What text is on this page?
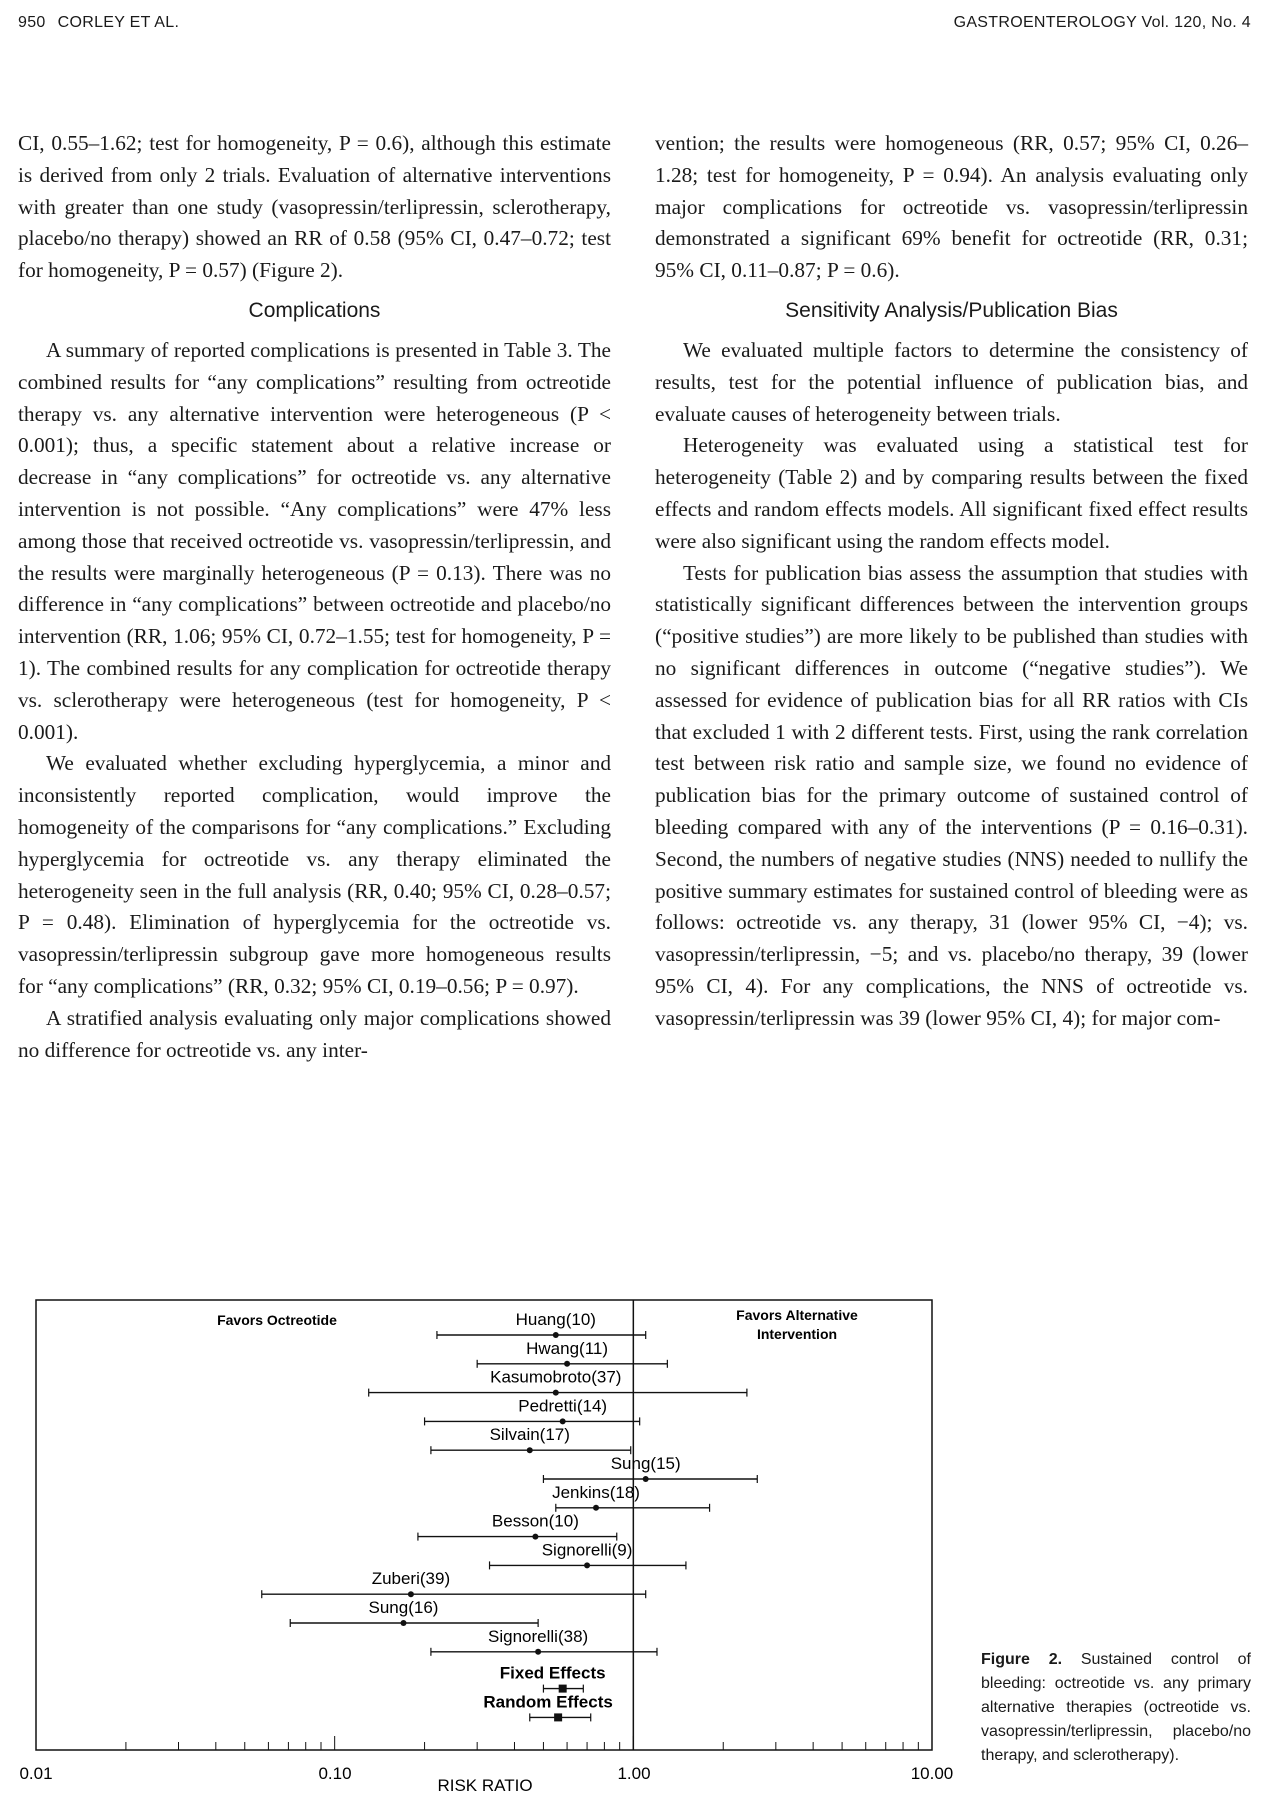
950 CORLEY ET AL.	GASTROENTEROLOGY Vol. 120, No. 4

CI, 0.55–1.62; test for homogeneity, P = 0.6), although this estimate is derived from only 2 trials. Evaluation of alternative interventions with greater than one study (vasopressin/terlipressin, sclerotherapy, placebo/no therapy) showed an RR of 0.58 (95% CI, 0.47–0.72; test for homogeneity, P = 0.57) (Figure 2).

Complications

A summary of reported complications is presented in Table 3. The combined results for “any complications” resulting from octreotide therapy vs. any alternative intervention were heterogeneous (P < 0.001); thus, a specific statement about a relative increase or decrease in “any complications” for octreotide vs. any alternative intervention is not possible. “Any complications” were 47% less among those that received octreotide vs. vasopressin/terlipressin, and the results were marginally heterogeneous (P = 0.13). There was no difference in “any complications” between octreotide and placebo/no intervention (RR, 1.06; 95% CI, 0.72–1.55; test for homogeneity, P = 1). The combined results for any complication for octreotide therapy vs. sclerotherapy were heterogeneous (test for homogeneity, P < 0.001).

We evaluated whether excluding hyperglycemia, a minor and inconsistently reported complication, would improve the homogeneity of the comparisons for “any complications.” Excluding hyperglycemia for octreotide vs. any therapy eliminated the heterogeneity seen in the full analysis (RR, 0.40; 95% CI, 0.28–0.57; P = 0.48). Elimination of hyperglycemia for the octreotide vs. vasopressin/terlipressin subgroup gave more homogeneous results for “any complications” (RR, 0.32; 95% CI, 0.19–0.56; P = 0.97).

A stratified analysis evaluating only major complications showed no difference for octreotide vs. any inter-

vention; the results were homogeneous (RR, 0.57; 95% CI, 0.26–1.28; test for homogeneity, P = 0.94). An analysis evaluating only major complications for octreotide vs. vasopressin/terlipressin demonstrated a significant 69% benefit for octreotide (RR, 0.31; 95% CI, 0.11–0.87; P = 0.6).

Sensitivity Analysis/Publication Bias

We evaluated multiple factors to determine the consistency of results, test for the potential influence of publication bias, and evaluate causes of heterogeneity between trials.

Heterogeneity was evaluated using a statistical test for heterogeneity (Table 2) and by comparing results between the fixed effects and random effects models. All significant fixed effect results were also significant using the random effects model.

Tests for publication bias assess the assumption that studies with statistically significant differences between the intervention groups (“positive studies”) are more likely to be published than studies with no significant differences in outcome (“negative studies”). We assessed for evidence of publication bias for all RR ratios with CIs that excluded 1 with 2 different tests. First, using the rank correlation test between risk ratio and sample size, we found no evidence of publication bias for the primary outcome of sustained control of bleeding compared with any of the interventions (P = 0.16–0.31). Second, the numbers of negative studies (NNS) needed to nullify the positive summary estimates for sustained control of bleeding were as follows: octreotide vs. any therapy, 31 (lower 95% CI, −4); vs. vasopressin/terlipressin, −5; and vs. placebo/no therapy, 39 (lower 95% CI, 4). For any complications, the NNS of octreotide vs. vasopressin/terlipressin was 39 (lower 95% CI, 4); for major com-

Favors Octreotide	Favors Alternative
Intervention
Huang(10)
Hwang(11)
Kasumobroto(37)
Pedretti(14)
Silvain(17)
Sung(15)
Jenkins(18)
Besson(10)
Signorelli(9)
Zuberi(39)
Sung(16)
Signorelli(38)
Fixed Effects
Random Effects
0.01	0.10	1.00	10.00
RISK RATIO
Figure 2. Sustained control of bleeding: octreotide vs. any primary alternative therapies (octreotide vs. vasopressin/terlipressin, placebo/no therapy, and sclerotherapy).
